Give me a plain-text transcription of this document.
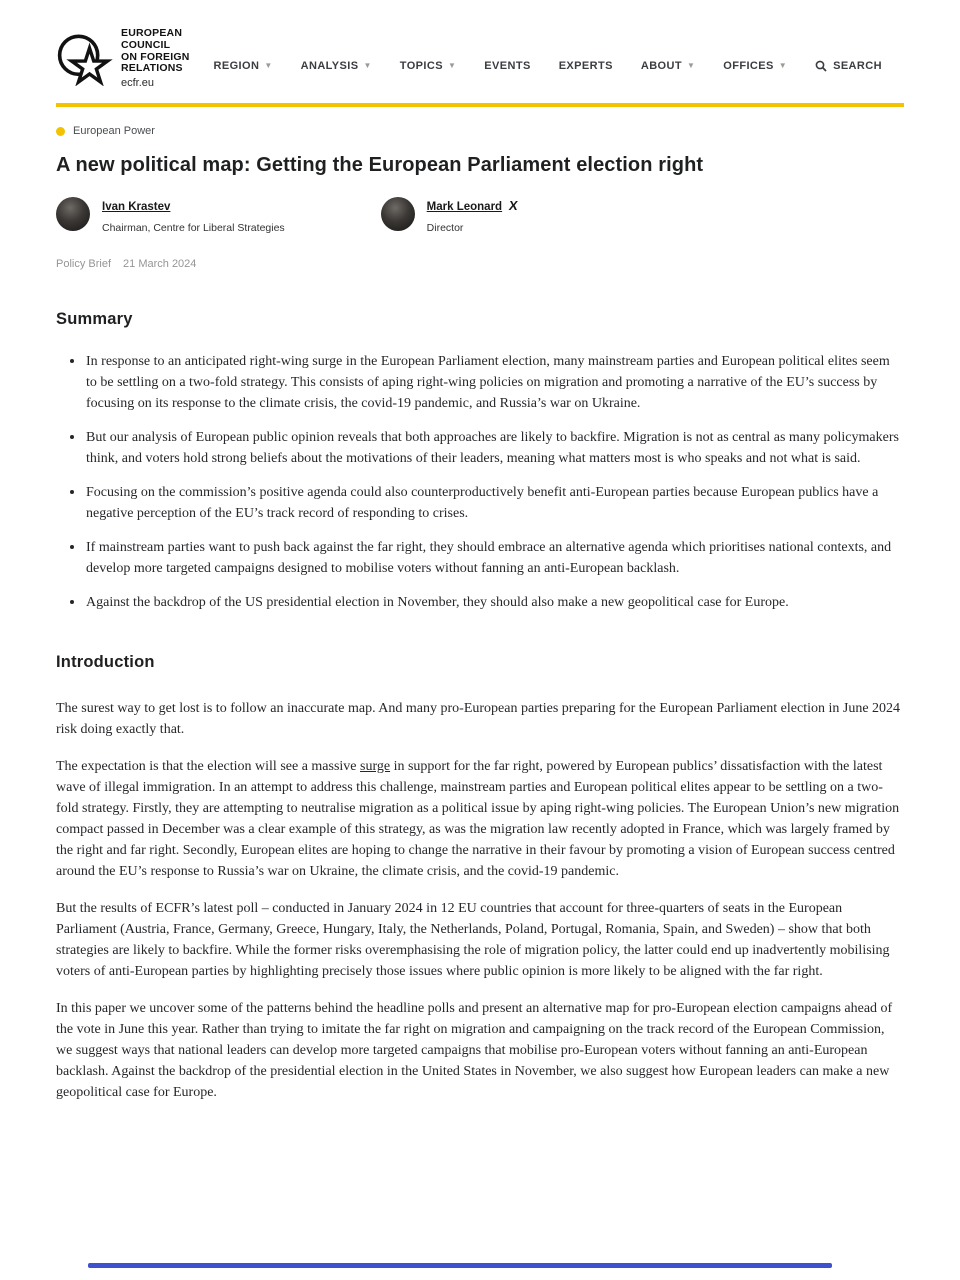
EUROPEAN
COUNCIL
ON FOREIGN
RELATIONS
ecfr.eu
REGION ▼	ANALYSIS ▼	TOPICS ▼	EVENTS	EXPERTS	ABOUT ▼	OFFICES ▼	SEARCH
European Power
A new political map: Getting the European Parliament election right
Ivan Krastev
Chairman, Centre for Liberal Strategies
Mark Leonard X
Director
Policy Brief 21 March 2024
Summary
In response to an anticipated right-wing surge in the European Parliament election, many mainstream parties and European political elites seem to be settling on a two-fold strategy. This consists of aping right-wing policies on migration and promoting a narrative of the EU’s success by focusing on its response to the climate crisis, the covid-19 pandemic, and Russia’s war on Ukraine.
But our analysis of European public opinion reveals that both approaches are likely to backfire. Migration is not as central as many policymakers think, and voters hold strong beliefs about the motivations of their leaders, meaning what matters most is who speaks and not what is said.
Focusing on the commission’s positive agenda could also counterproductively benefit anti-European parties because European publics have a negative perception of the EU’s track record of responding to crises.
If mainstream parties want to push back against the far right, they should embrace an alternative agenda which prioritises national contexts, and develop more targeted campaigns designed to mobilise voters without fanning an anti-European backlash.
Against the backdrop of the US presidential election in November, they should also make a new geopolitical case for Europe.
Introduction

The surest way to get lost is to follow an inaccurate map. And many pro-European parties preparing for the European Parliament election in June 2024 risk doing exactly that.

The expectation is that the election will see a massive surge in support for the far right, powered by European publics’ dissatisfaction with the latest wave of illegal immigration. In an attempt to address this challenge, mainstream parties and European political elites appear to be settling on a two-fold strategy. Firstly, they are attempting to neutralise migration as a political issue by aping right-wing policies. The European Union’s new migration compact passed in December was a clear example of this strategy, as was the migration law recently adopted in France, which was largely framed by the right and far right. Secondly, European elites are hoping to change the narrative in their favour by promoting a vision of European success centred around the EU’s response to Russia’s war on Ukraine, the climate crisis, and the covid-19 pandemic.

But the results of ECFR’s latest poll – conducted in January 2024 in 12 EU countries that account for three-quarters of seats in the European Parliament (Austria, France, Germany, Greece, Hungary, Italy, the Netherlands, Poland, Portugal, Romania, Spain, and Sweden) – show that both strategies are likely to backfire. While the former risks overemphasising the role of migration policy, the latter could end up inadvertently mobilising voters of anti-European parties by highlighting precisely those issues where public opinion is more likely to be aligned with the far right.

In this paper we uncover some of the patterns behind the headline polls and present an alternative map for pro-European election campaigns ahead of the vote in June this year. Rather than trying to imitate the far right on migration and campaigning on the track record of the European Commission, we suggest ways that national leaders can develop more targeted campaigns that mobilise pro-European voters without fanning an anti-European backlash. Against the backdrop of the presidential election in the United States in November, we also suggest how European leaders can make a new geopolitical case for Europe.
